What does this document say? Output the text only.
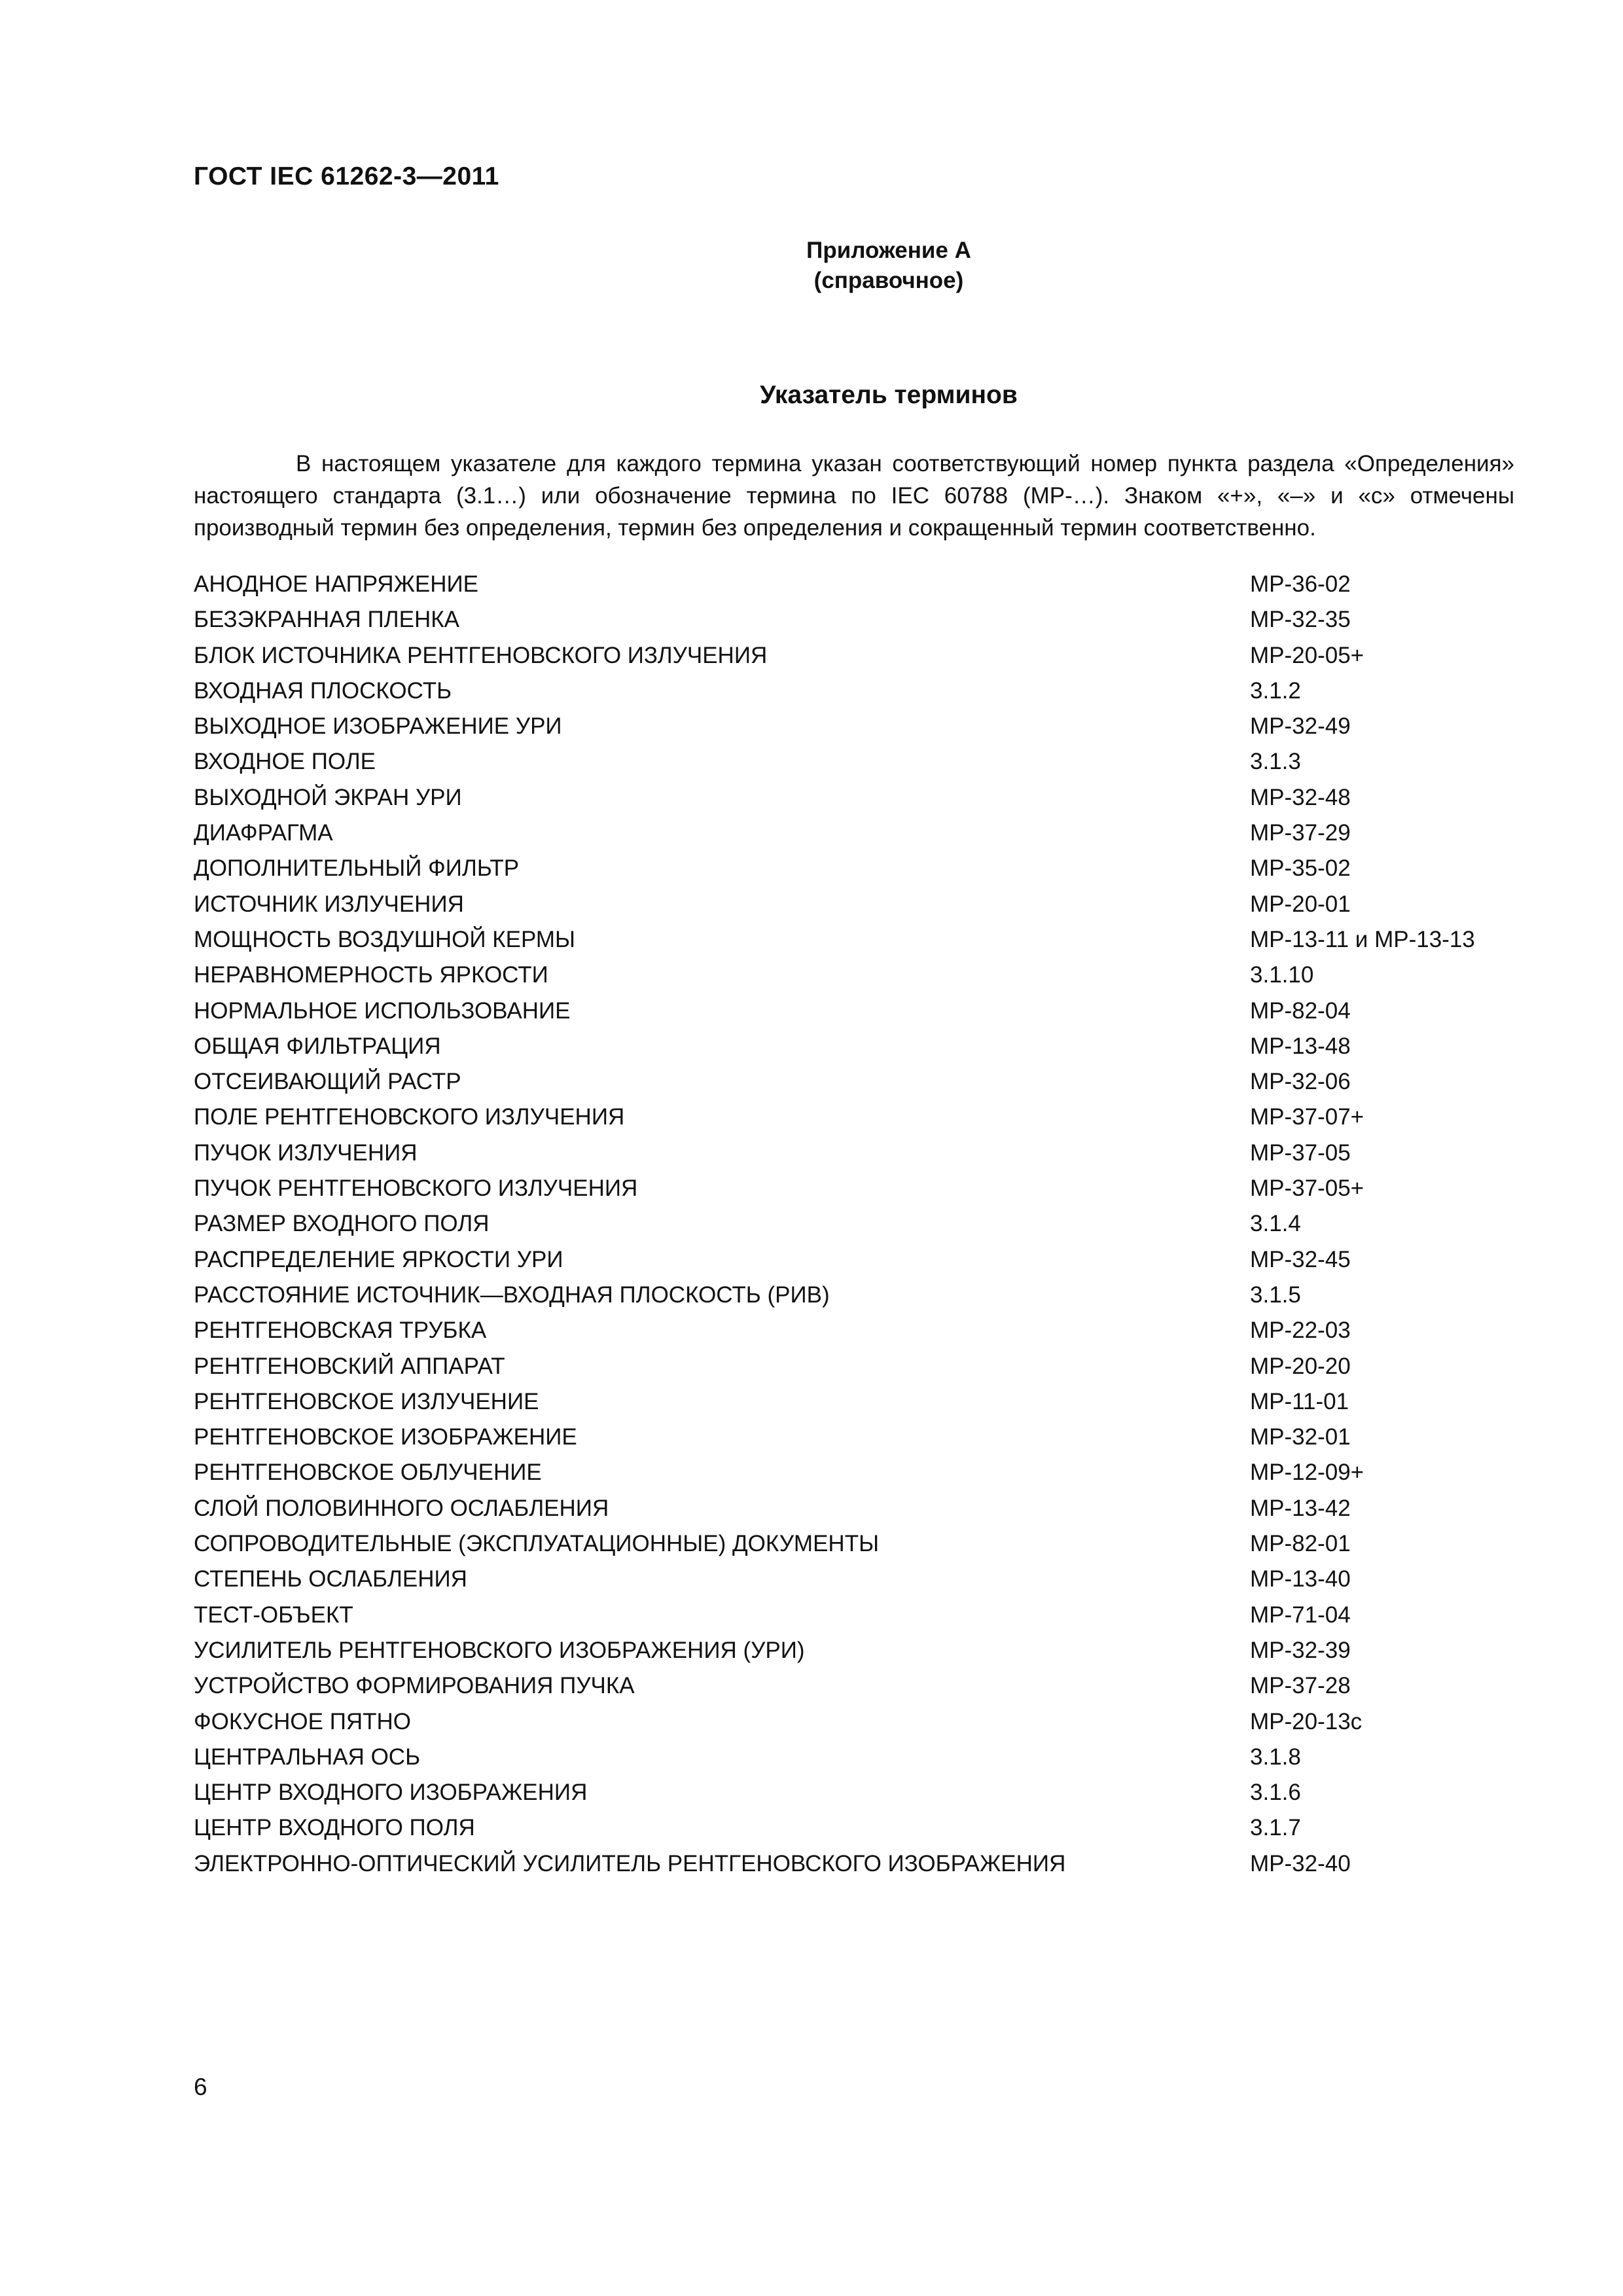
ГОСТ IEC 61262-3—2011
Приложение А
(справочное)
Указатель терминов

В настоящем указателе для каждого термина указан соответствующий номер пункта раздела «Определения» настоящего стандарта (3.1…) или обозначение термина по IEC 60788 (MP-…). Знаком «+», «–» и «с» отмечены производный термин без определения, термин без определения и сокращенный термин соответственно.

АНОДНОЕ НАПРЯЖЕНИЕ	MP-36-02
БЕЗЭКРАННАЯ ПЛЕНКА	MP-32-35
БЛОК ИСТОЧНИКА РЕНТГЕНОВСКОГО ИЗЛУЧЕНИЯ	MP-20-05+
ВХОДНАЯ ПЛОСКОСТЬ	3.1.2
ВЫХОДНОЕ ИЗОБРАЖЕНИЕ УРИ	MP-32-49
ВХОДНОЕ ПОЛЕ	3.1.3
ВЫХОДНОЙ ЭКРАН УРИ	MP-32-48
ДИАФРАГМА	MP-37-29
ДОПОЛНИТЕЛЬНЫЙ ФИЛЬТР	MP-35-02
ИСТОЧНИК ИЗЛУЧЕНИЯ	MP-20-01
МОЩНОСТЬ ВОЗДУШНОЙ КЕРМЫ	MP-13-11 и MP-13-13
НЕРАВНОМЕРНОСТЬ ЯРКОСТИ	3.1.10
НОРМАЛЬНОЕ ИСПОЛЬЗОВАНИЕ	MP-82-04
ОБЩАЯ ФИЛЬТРАЦИЯ	MP-13-48
ОТСЕИВАЮЩИЙ РАСТР	MP-32-06
ПОЛЕ РЕНТГЕНОВСКОГО ИЗЛУЧЕНИЯ	MP-37-07+
ПУЧОК ИЗЛУЧЕНИЯ	MP-37-05
ПУЧОК РЕНТГЕНОВСКОГО ИЗЛУЧЕНИЯ	MP-37-05+
РАЗМЕР ВХОДНОГО ПОЛЯ	3.1.4
РАСПРЕДЕЛЕНИЕ ЯРКОСТИ УРИ	MP-32-45
РАССТОЯНИЕ ИСТОЧНИК—ВХОДНАЯ ПЛОСКОСТЬ (РИВ)	3.1.5
РЕНТГЕНОВСКАЯ ТРУБКА	MP-22-03
РЕНТГЕНОВСКИЙ АППАРАТ	MP-20-20
РЕНТГЕНОВСКОЕ ИЗЛУЧЕНИЕ	MP-11-01
РЕНТГЕНОВСКОЕ ИЗОБРАЖЕНИЕ	MP-32-01
РЕНТГЕНОВСКОЕ ОБЛУЧЕНИЕ	MP-12-09+
СЛОЙ ПОЛОВИННОГО ОСЛАБЛЕНИЯ	MP-13-42
СОПРОВОДИТЕЛЬНЫЕ (ЭКСПЛУАТАЦИОННЫЕ) ДОКУМЕНТЫ	MP-82-01
СТЕПЕНЬ ОСЛАБЛЕНИЯ	MP-13-40
ТЕСТ-ОБЪЕКТ	MP-71-04
УСИЛИТЕЛЬ РЕНТГЕНОВСКОГО ИЗОБРАЖЕНИЯ (УРИ)	MP-32-39
УСТРОЙСТВО ФОРМИРОВАНИЯ ПУЧКА	MP-37-28
ФОКУСНОЕ ПЯТНО	MP-20-13c
ЦЕНТРАЛЬНАЯ ОСЬ	3.1.8
ЦЕНТР ВХОДНОГО ИЗОБРАЖЕНИЯ	3.1.6
ЦЕНТР ВХОДНОГО ПОЛЯ	3.1.7
ЭЛЕКТРОННО-ОПТИЧЕСКИЙ УСИЛИТЕЛЬ РЕНТГЕНОВСКОГО ИЗОБРАЖЕНИЯ	MP-32-40
6
